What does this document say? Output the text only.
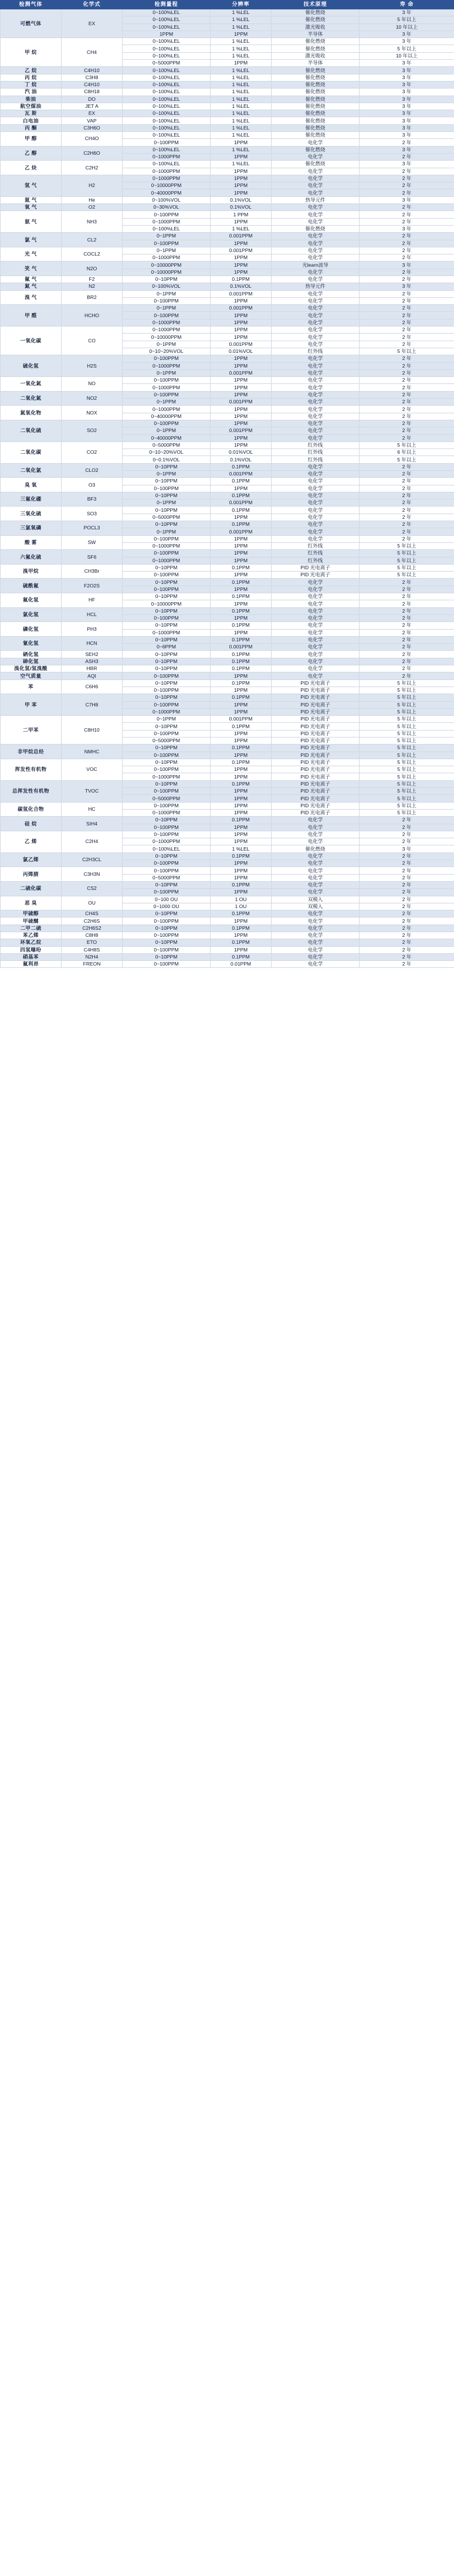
检测气体	化学式	检测量程	分辨率	技术原理	寿 命
可燃气体	EX	0~100%LEL	1 %LEL	催化燃烧	3 年
		0~100%LEL	1 %LEL	催化燃烧	5 年以上
		0~100%LEL	1 %LEL	激光吸收	10 年以上
		1PPM	1PPM	半导体	3 年
甲 烷	CH4	0~100%LEL	1 %LEL	催化燃烧	3 年
		0~100%LEL	1 %LEL	催化燃烧	5 年以上
		0~100%LEL	1 %LEL	激光吸收	10 年以上
		0~5000PPM	1PPM	半导体	3 年
乙 烷	C4H10	0~100%LEL	1 %LEL	催化燃烧	3 年
丙 烷	C3H8	0~100%LEL	1 %LEL	催化燃烧	3 年
丁 烷	C4H10	0~100%LEL	1 %LEL	催化燃烧	3 年
汽 油	C8H18	0~100%LEL	1 %LEL	催化燃烧	3 年
柴油	DO	0~100%LEL	1 %LEL	催化燃烧	3 年
航空煤油	JET A	0~100%LEL	1 %LEL	催化燃烧	3 年
瓦 斯	EX	0~100%LEL	1 %LEL	催化燃烧	3 年
白电油	VAP	0~100%LEL	1 %LEL	催化燃烧	3 年
丙 酮	C3H6O	0~100%LEL	1 %LEL	催化燃烧	3 年
甲 醇	CH4O	0~100%LEL	1 %LEL	催化燃烧	3 年
		0~100PPM	1PPM	电化学	2 年
乙 醇	C2H6O	0~100%LEL	1 %LEL	催化燃烧	3 年
		0~1000PPM	1PPM	电化学	2 年
乙 炔	C2H2	0~100%LEL	1 %LEL	催化燃烧	3 年
		0~1000PPM	1PPM	电化学	2 年
氢 气	H2	0~1000PPM	1PPM	电化学	2 年
		0~10000PPM	1PPM	电化学	2 年
		0~40000PPM	1PPM	电化学	2 年
氦 气	He	0~100%VOL	0.1%VOL	热导元件	3 年
氧 气	O2	0~30%VOL	0.1%VOL	电化学	2 年
氨 气	NH3	0~100PPM	1 PPM	电化学	2 年
		0~1000PPM	1PPM	电化学	2 年
		0~100%LEL	1 %LEL	催化燃烧	3 年
氯 气	CL2	0~1PPM	0.001PPM	电化学	2 年
		0~100PPM	1PPM	电化学	2 年
光 气	COCL2	0~1PPM	0.001PPM	电化学	2 年
		0~1000PPM	1PPM	电化学	2 年
笑 气	N2O	0~10000PPM	1PPM	光learn波导	3 年
		0~10000PPM	1PPM	电化学	2 年
氟 气	F2	0~10PPM	0.1PPM	电化学	2 年
氮 气	N2	0~100%VOL	0.1%VOL	热导元件	3 年
溴 气	BR2	0~1PPM	0.001PPM	电化学	2 年
		0~100PPM	1PPM	电化学	2 年
甲 醛	HCHO	0~1PPM	0.001PPM	电化学	2 年
		0~100PPM	1PPM	电化学	2 年
		0~1000PPM	1PPM	电化学	2 年
一氧化碳	CO	0~1000PPM	1PPM	电化学	2 年
		0~10000PPM	1PPM	电化学	2 年
		0~1PPM	0.001PPM	电化学	2 年
		0~10~20%VOL	0.01%VOL	红外线	5 年以上
硫化氢	H2S	0~100PPM	1PPM	电化学	2 年
		0~1000PPM	1PPM	电化学	2 年
		0~1PPM	0.001PPM	电化学	2 年
一氧化氮	NO	0~100PPM	1PPM	电化学	2 年
		0~1000PPM	1PPM	电化学	2 年
二氧化氮	NO2	0~100PPM	1PPM	电化学	2 年
		0~1PPM	0.001PPM	电化学	2 年
氮氧化物	NOX	0~1000PPM	1PPM	电化学	2 年
		0~40000PPM	1PPM	电化学	2 年
二氧化硫	SO2	0~100PPM	1PPM	电化学	2 年
		0~1PPM	0.001PPM	电化学	2 年
		0~40000PPM	1PPM	电化学	2 年
二氧化碳	CO2	0~5000PPM	1PPM	红外线	5 年以上
		0~10~20%VOL	0.01%VOL	红外线	6 年以上
		0~0.1%VOL	0.1%VOL	红外线	5 年以上
二氧化氯	CLO2	0~10PPM	0.1PPM	电化学	2 年
		0~1PPM	0.001PPM	电化学	2 年
臭 氧	O3	0~10PPM	0.1PPM	电化学	2 年
		0~100PPM	1PPM	电化学	2 年
三氟化硼	BF3	0~10PPM	0.1PPM	电化学	2 年
		0~1PPM	0.001PPM	电化学	2 年
三氧化硫	SO3	0~10PPM	0.1PPM	电化学	2 年
		0~5000PPM	1PPM	电化学	2 年
三氯氧磷	POCL3	0~10PPM	0.1PPM	电化学	2 年
		0~1PPM	0.001PPM	电化学	2 年
酸 雾	SW	0~100PPM	1PPM	电化学	2 年
		0~1000PPM	1PPM	红外线	5 年以上
六氟化硫	SF6	0~100PPM	1PPM	红外线	5 年以上
		0~1000PPM	1PPM	红外线	5 年以上
溴甲烷	CH3Br	0~10PPM	0.1PPM	PID 光电离子	5 年以上
		0~100PPM	1PPM	PID 光电离子	5 年以上
硫酰氟	F2O2S	0~10PPM	0.1PPM	电化学	2 年
		0~100PPM	1PPM	电化学	2 年
氟化氢	HF	0~10PPM	0.1PPM	电化学	2 年
		0~10000PPM	1PPM	电化学	2 年
氯化氢	HCL	0~10PPM	0.1PPM	电化学	2 年
		0~100PPM	1PPM	电化学	2 年
磷化氢	PH3	0~10PPM	0.1PPM	电化学	2 年
		0~1000PPM	1PPM	电化学	2 年
氰化氢	HCN	0~10PPM	0.1PPM	电化学	2 年
		0~6PPM	0.001PPM	电化学	2 年
硒化氢	SEH2	0~10PPM	0.1PPM	电化学	2 年
砷化氢	ASH3	0~10PPM	0.1PPM	电化学	2 年
溴化氢/氢溴酸	HBR	0~10PPM	0.1PPM	电化学	2 年
空气质量	AQI	0~100PPM	1PPM	电化学	2 年
苯	C6H6	0~10PPM	0.1PPM	PID 光电离子	5 年以上
		0~100PPM	1PPM	PID 光电离子	5 年以上
甲 苯	C7H8	0~10PPM	0.1PPM	PID 光电离子	5 年以上
		0~100PPM	1PPM	PID 光电离子	5 年以上
		0~1000PPM	1PPM	PID 光电离子	5 年以上
二甲苯	C8H10	0~1PPM	0.001PPM	PID 光电离子	5 年以上
		0~10PPM	0.1PPM	PID 光电离子	5 年以上
		0~100PPM	1PPM	PID 光电离子	5 年以上
		0~5000PPM	1PPM	PID 光电离子	5 年以上
非甲烷总烃	NMHC	0~10PPM	0.1PPM	PID 光电离子	5 年以上
		0~100PPM	1PPM	PID 光电离子	5 年以上
挥发性有机物	VOC	0~10PPM	0.1PPM	PID 光电离子	5 年以上
		0~100PPM	1PPM	PID 光电离子	5 年以上
		0~1000PPM	1PPM	PID 光电离子	5 年以上
总挥发性有机物	TVOC	0~10PPM	0.1PPM	PID 光电离子	5 年以上
		0~100PPM	1PPM	PID 光电离子	5 年以上
		0~5000PPM	1PPM	PID 光电离子	5 年以上
碳氢化合物	HC	0~100PPM	1PPM	PID 光电离子	5 年以上
		0~1000PPM	1PPM	PID 光电离子	5 年以上
硅 烷	SIH4	0~10PPM	0.1PPM	电化学	2 年
		0~100PPM	1PPM	电化学	2 年
乙 烯	C2H4	0~100PPM	1PPM	电化学	2 年
		0~1000PPM	1PPM	电化学	2 年
		0~100%LEL	1 %LEL	催化燃烧	3 年
氯乙烯	C2H3CL	0~10PPM	0.1PPM	电化学	2 年
		0~100PPM	1PPM	电化学	2 年
丙烯腈	C3H3N	0~100PPM	1PPM	电化学	2 年
		0~5000PPM	1PPM	电化学	2 年
二硫化碳	CS2	0~10PPM	0.1PPM	电化学	2 年
		0~100PPM	1PPM	电化学	2 年
恶 臭	OU	0~100 OU	1 OU	双模入	2 年
		0~1000 OU	1 OU	双模入	2 年
甲硫醇	CH4S	0~10PPM	0.1PPM	电化学	2 年
甲硫醚	C2H6S	0~100PPM	1PPM	电化学	2 年
二甲二硫	C2H6S2	0~10PPM	0.1PPM	电化学	2 年
苯乙烯	C8H8	0~100PPM	1PPM	电化学	2 年
环氧乙烷	ETO	0~10PPM	0.1PPM	电化学	2 年
四氢噻吩	C4H8S	0~100PPM	1PPM	电化学	2 年
硝基苯	N2H4	0~10PPM	0.1PPM	电化学	2 年
氟利昂	FREON	0~100PPM	0.01PPM	电化学	2 年
